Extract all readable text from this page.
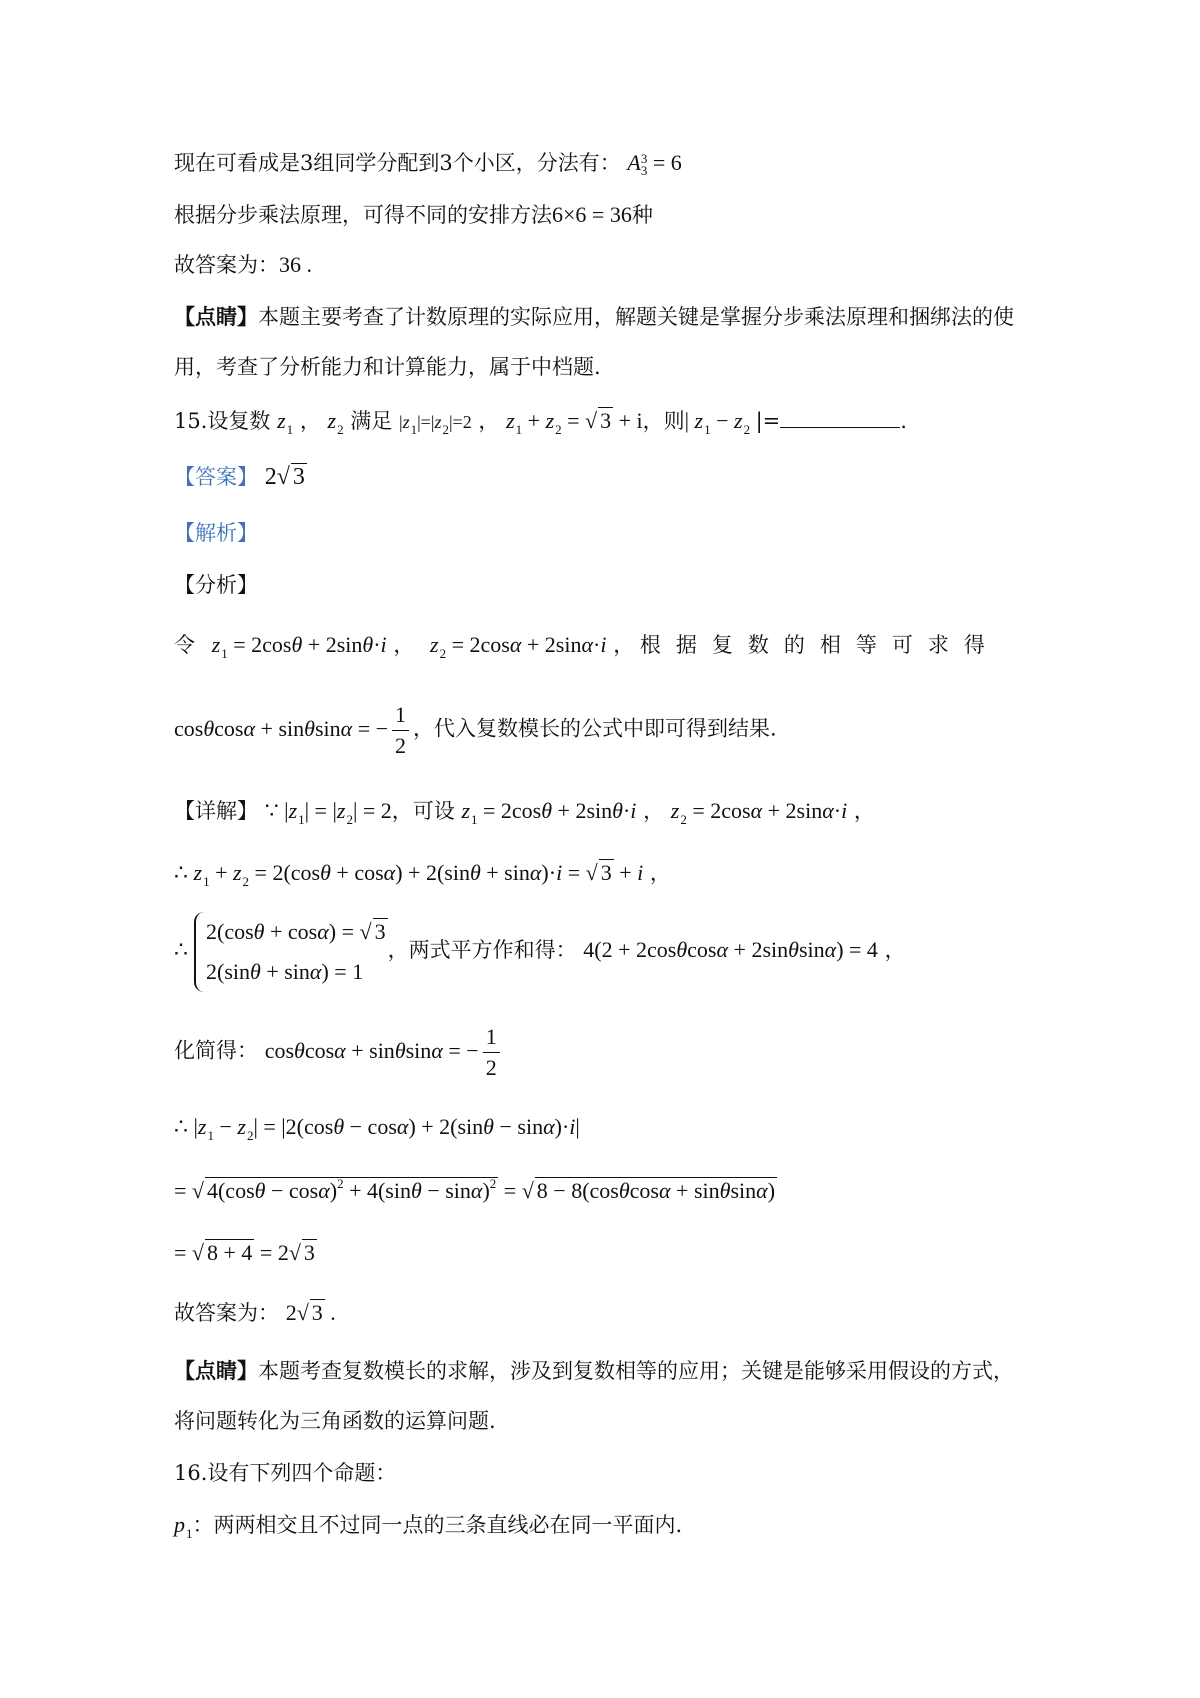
现在可看成是3组同学分配到3个小区，分法有： A 3
3 = 6
根据分步乘法原理，可得不同的安排方法6×6 = 36种
故答案为：36 .
【点睛】本题主要考查了计数原理的实际应用，解题关键是掌握分步乘法原理和捆绑法的使
用，考查了分析能力和计算能力，属于中档题.
15.设复数 $z_1$ ， $z_2$ 满足 $|z_1|=|z_2|=2$ ， $z_1 + z_2$ = √ 3 + i，则| $z_1 - z_2$ |=	.
【答案】 2√ 3
【解析】
【分析】
令 $z_1 = 2\cos\theta + 2\sin\theta\cdot i$ ， $z_2 = 2\cos\alpha + 2\sin\alpha\cdot i$ ， 根据复数的相等可求得
cosθcosα + sinθsinα = − $\frac{1}{2}$ ，代入复数模长的公式中即可得到结果.
【详解】 ∵ $|z_1| = |z_2| = 2$，可设 $z_1 = 2\cos\theta + 2\sin\theta\cdot i$ ， $z_2 = 2\cos\alpha + 2\sin\alpha\cdot i$ ，
∴ $z_1 + z_2 = 2(\cos\theta + \cos\alpha) + 2(\sin\theta + \sin\alpha)\cdot i$ = √ 3 + i ，
∴
2(cosθ + cosα) = √ 3
2(sinθ + sinα) = 1
，两式平方作和得： 4(2 + 2cosθcosα + 2sinθsinα) = 4 ，
化简得： cosθcosα + sinθsinα = − $\frac{1}{2}$
∴ $|z_1 - z_2| = |2(\cos\theta - \cos\alpha) + 2(\sin\theta - \sin\alpha)\cdot i|$
= √ $4(\cos\theta - \cos\alpha)^2 + 4(\sin\theta - \sin\alpha)^2$ = √ 8 − 8(cosθcosα + sinθsinα)
= √ 8 + 4 = 2√ 3
故答案为： 2√ 3 .
【点睛】本题考查复数模长的求解，涉及到复数相等的应用；关键是能够采用假设的方式，
将问题转化为三角函数的运算问题.
16.设有下列四个命题：
$p_1$：两两相交且不过同一点的三条直线必在同一平面内.
